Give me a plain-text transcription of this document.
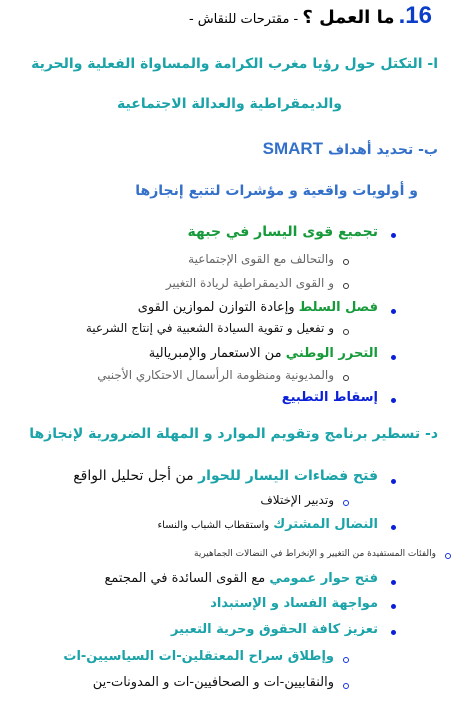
16. ما العمل ؟ - مقترحات للنقاش -
ا- التكتل حول رؤيا مغرب الكرامة والمساواة الفعلية والحرية
والديمقراطية والعدالة الاجتماعية
ب- تحديد أهداف SMART
و أولويات واقعية و مؤشرات لتتبع إنجازها
تجميع قوى اليسار في جبهة
والتحالف مع القوى الإجتماعية
و القوى الديمقراطية لريادة التغيير
فصل السلط وإعادة التوازن لموازين القوى
و تفعيل و تقوية السيادة الشعبية في إنتاج الشرعية
التحرر الوطني من الاستعمار والإمبريالية
والمديونية ومنظومة الرأسمال الاحتكاري الأجنبي
إسقاط التطبيع
د- تسطير برنامج وتقويم الموارد و المهلة الضرورية لإنجازها
فتح فضاءات اليسار للحوار من أجل تحليل الواقع
وتدبير الإختلاف
النضال المشترك واستقطاب الشباب والنساء
والفئات المستفيدة من التغيير و الإنخراط في النضالات الجماهيرية
فتح حوار عمومي مع القوى السائدة في المجتمع
مواجهة الفساد و الإستبداد
تعزيز كافة الحقوق وحرية التعبير
وإطلاق سراح المعتقلين-ات السياسيين-ات
والنقابيين-ات و الصحافيين-ات و المدونات-ين
